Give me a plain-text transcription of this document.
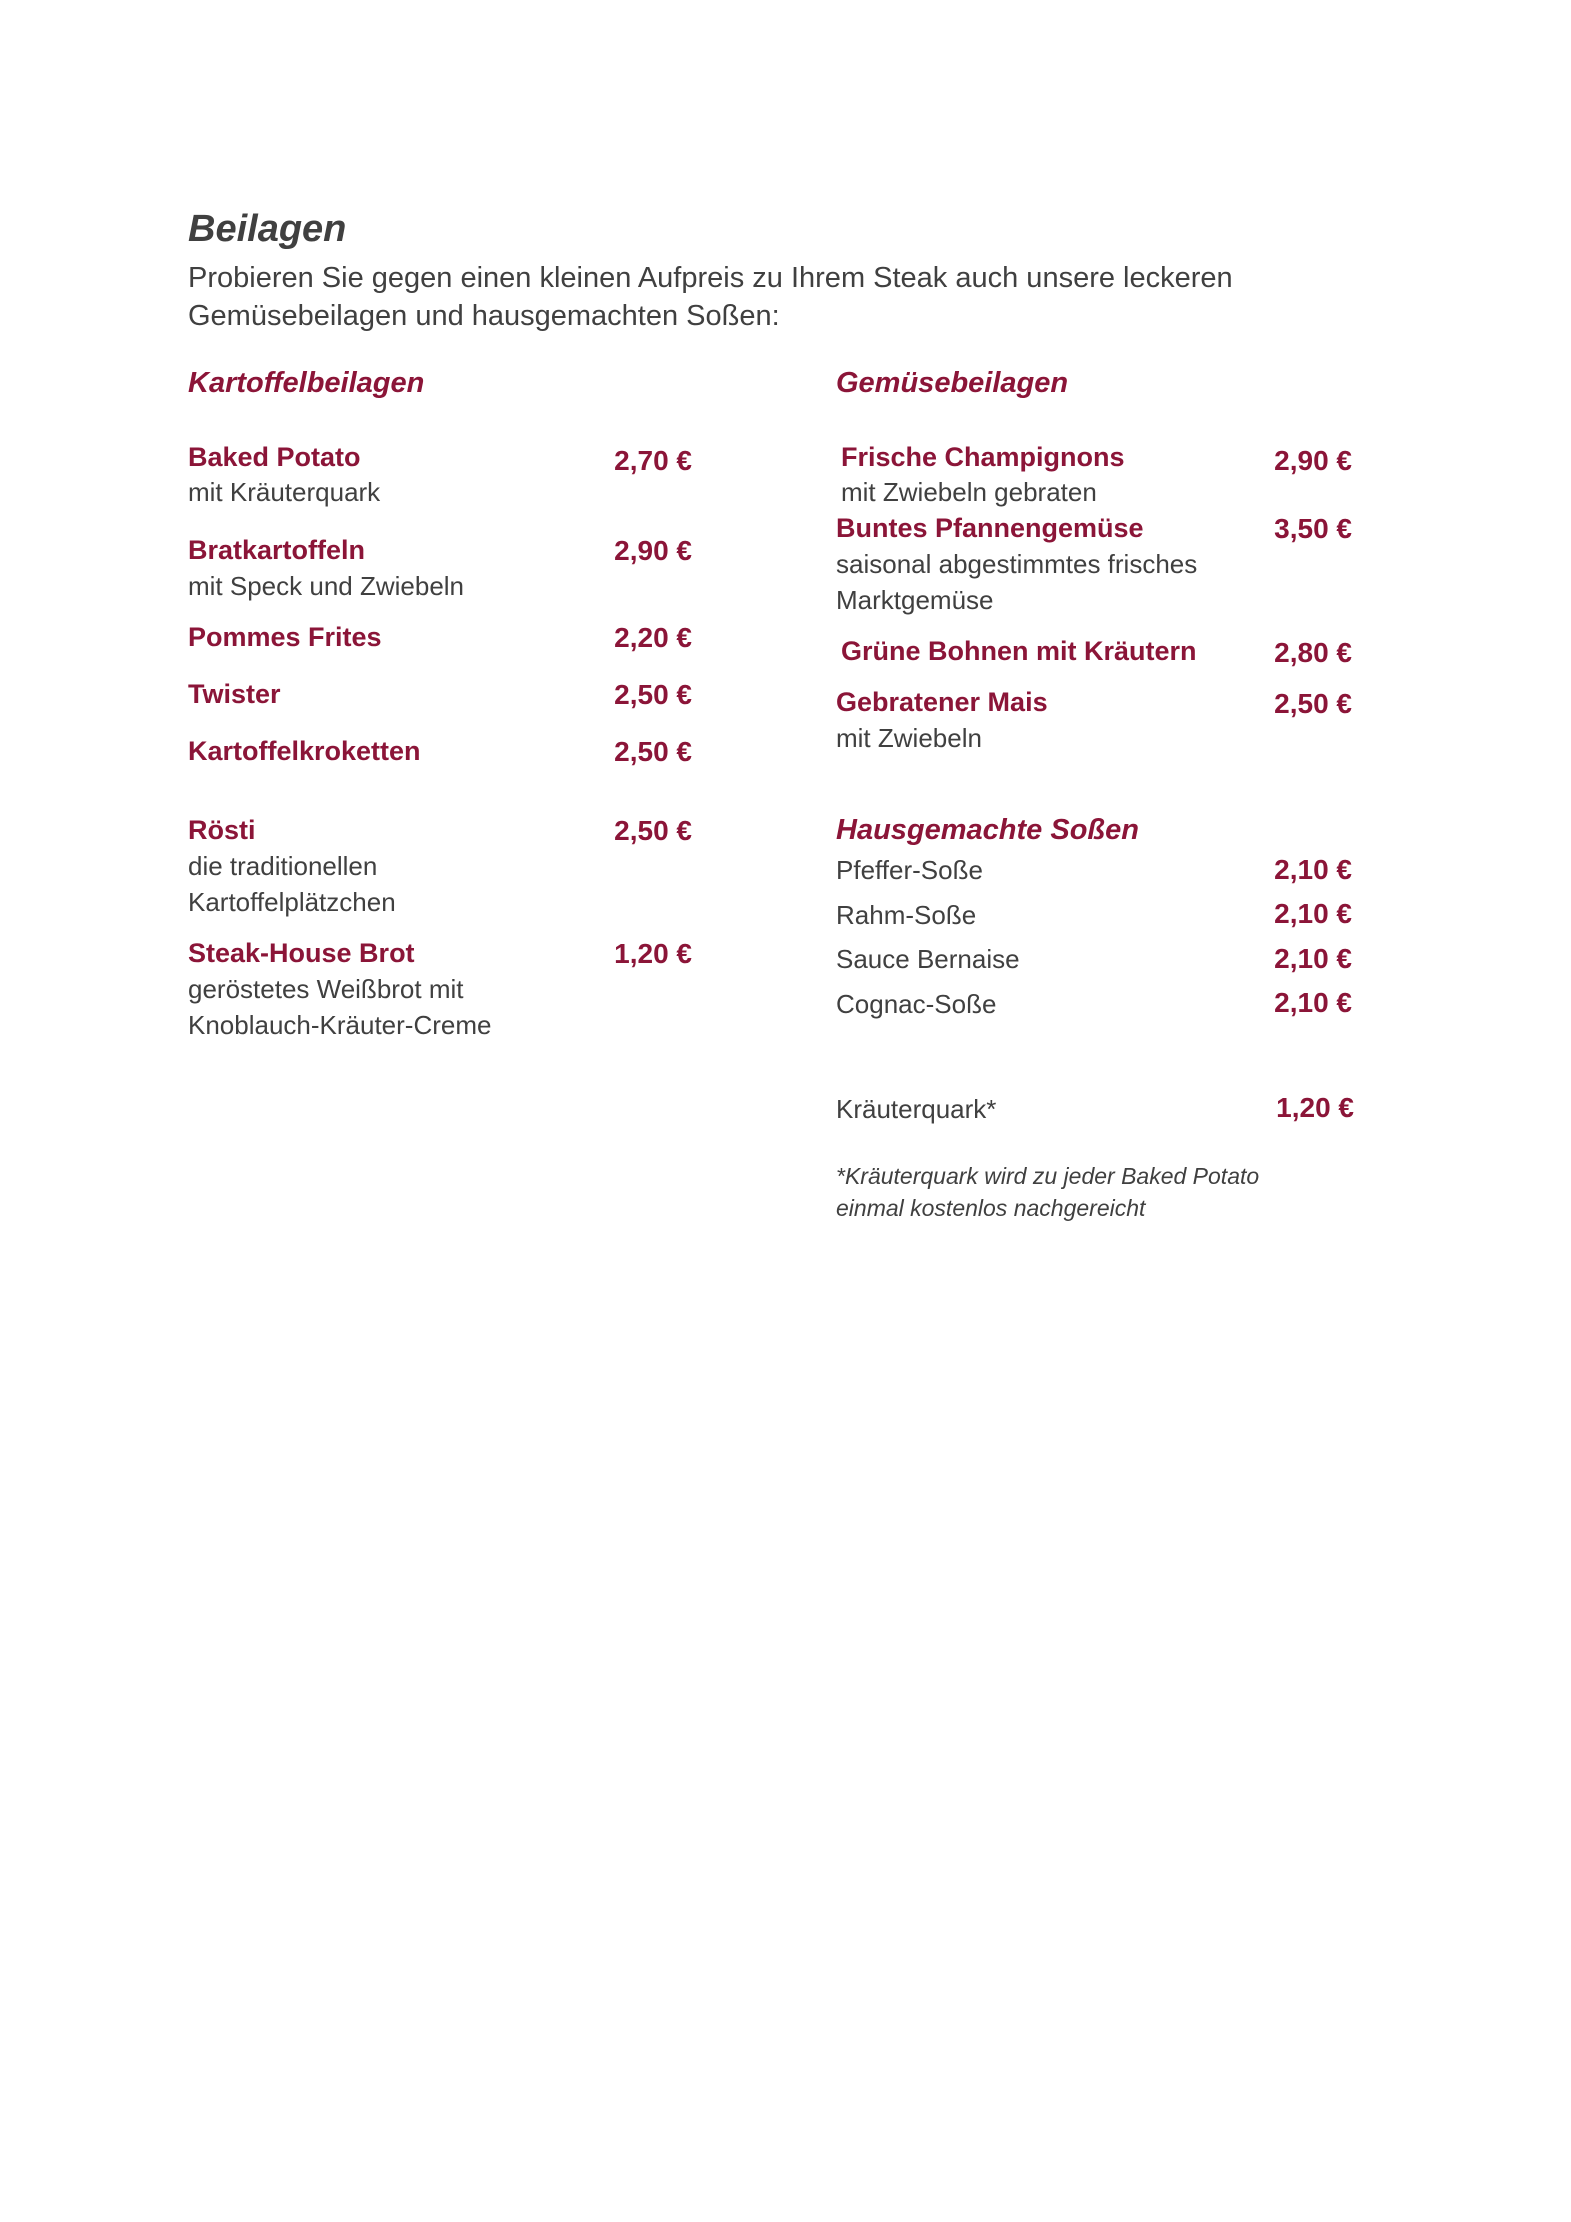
Beilagen
Probieren Sie gegen einen kleinen Aufpreis zu Ihrem Steak auch unsere leckeren
Gemüsebeilagen und hausgemachten Soßen:
Kartoffelbeilagen
Baked Potato	2,70 €
mit Kräuterquark
Bratkartoffeln	2,90 €
mit Speck und Zwiebeln
Pommes Frites	2,20 €
Twister	2,50 €
Kartoffelkroketten	2,50 €
Rösti	2,50 €
die traditionellen
Kartoffelplätzchen
Steak-House Brot	1,20 €
geröstetes Weißbrot mit
Knoblauch-Kräuter-Creme
Gemüsebeilagen
Frische Champignons	2,90 €
mit Zwiebeln gebraten
Buntes Pfannengemüse	3,50 €
saisonal abgestimmtes frisches
Marktgemüse
Grüne Bohnen mit Kräutern	2,80 €
Gebratener Mais	2,50 €
mit Zwiebeln
Hausgemachte Soßen
Pfeffer-Soße	2,10 €
Rahm-Soße	2,10 €
Sauce Bernaise	2,10 €
Cognac-Soße	2,10 €
Kräuterquark*	1,20 €
*Kräuterquark wird zu jeder Baked Potato
einmal kostenlos nachgereicht
